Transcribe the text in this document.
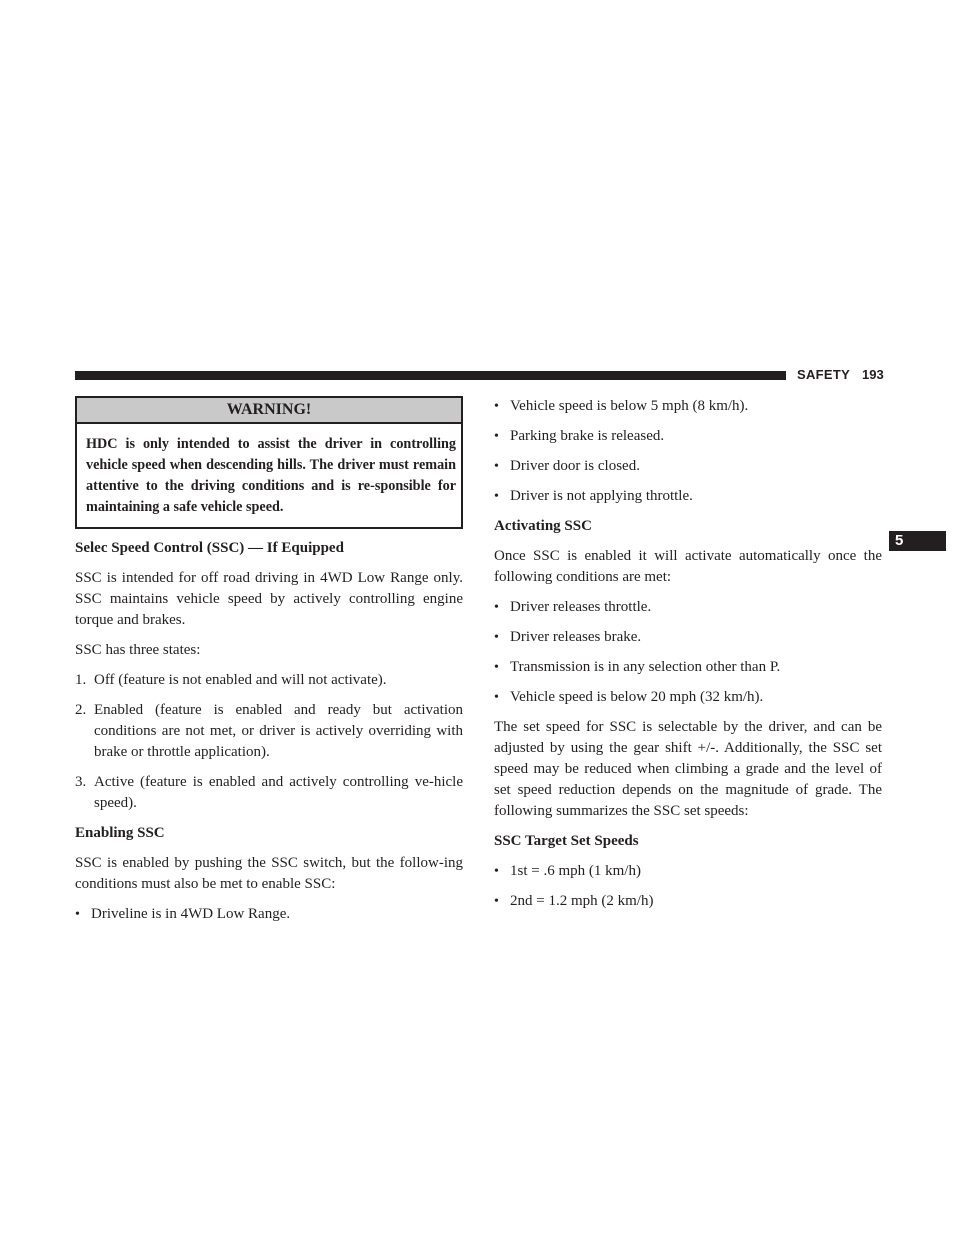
SAFETY 193
5
WARNING!
HDC is only intended to assist the driver in controlling vehicle speed when descending hills. The driver must remain attentive to the driving conditions and is re-sponsible for maintaining a safe vehicle speed.
Selec Speed Control (SSC) — If Equipped

SSC is intended for off road driving in 4WD Low Range only. SSC maintains vehicle speed by actively controlling engine torque and brakes.

SSC has three states:

1. Off (feature is not enabled and will not activate).
2. Enabled (feature is enabled and ready but activation conditions are not met, or driver is actively overriding with brake or throttle application).
3. Active (feature is enabled and actively controlling ve-hicle speed).
Enabling SSC

SSC is enabled by pushing the SSC switch, but the follow-ing conditions must also be met to enable SSC:

• Driveline is in 4WD Low Range.
• Vehicle speed is below 5 mph (8 km/h).
• Parking brake is released.
• Driver door is closed.
• Driver is not applying throttle.
Activating SSC

Once SSC is enabled it will activate automatically once the following conditions are met:

• Driver releases throttle.
• Driver releases brake.
• Transmission is in any selection other than P.
• Vehicle speed is below 20 mph (32 km/h).

The set speed for SSC is selectable by the driver, and can be adjusted by using the gear shift +/-. Additionally, the SSC set speed may be reduced when climbing a grade and the level of set speed reduction depends on the magnitude of grade. The following summarizes the SSC set speeds:

SSC Target Set Speeds
• 1st = .6 mph (1 km/h)
• 2nd = 1.2 mph (2 km/h)
